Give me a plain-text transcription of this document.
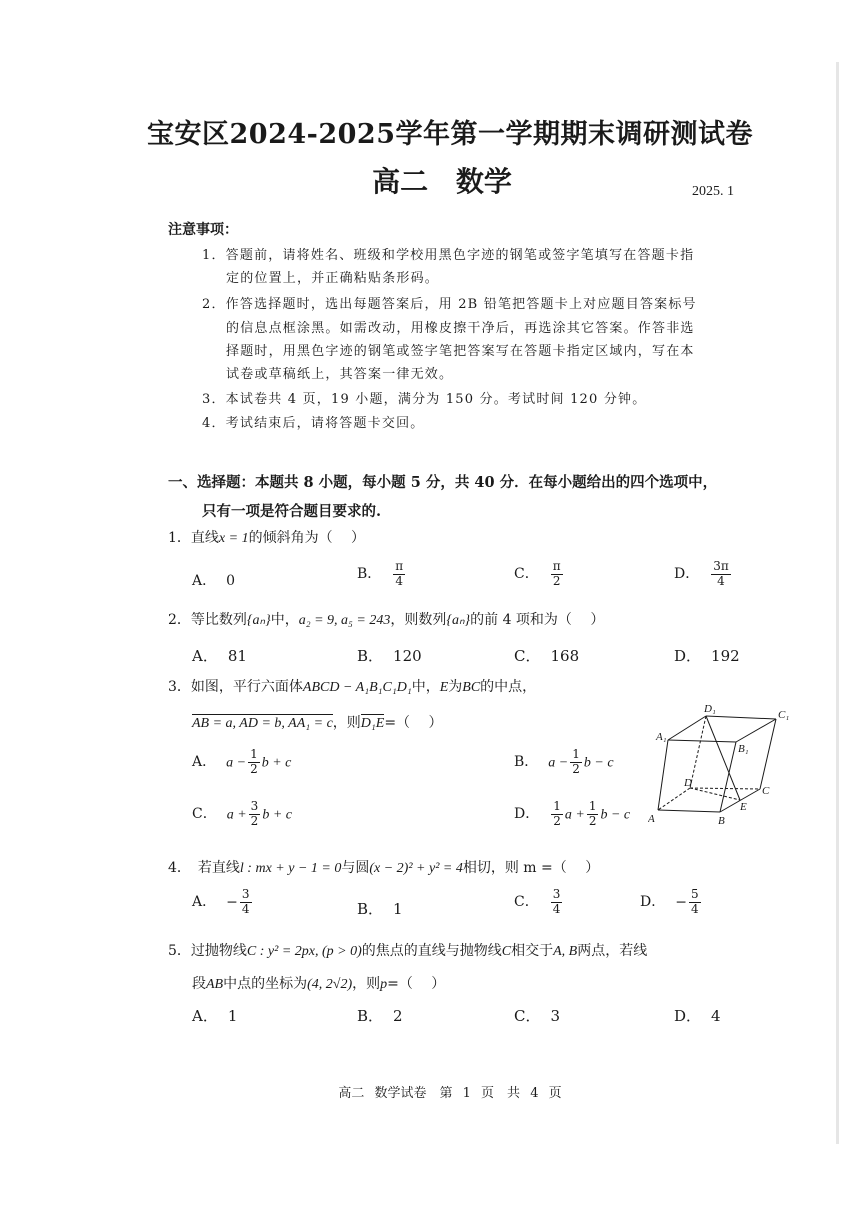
宝安区2024-2025学年第一学期期末调研测试卷
高二 数学	2025. 1
注意事项：
1．答题前，请将姓名、班级和学校用黑色字迹的钢笔或签字笔填写在答题卡指
定的位置上，并正确粘贴条形码。
2．作答选择题时，选出每题答案后，用 2B 铅笔把答题卡上对应题目答案标号
的信息点框涂黑。如需改动，用橡皮擦干净后，再选涂其它答案。作答非选
择题时，用黑色字迹的钢笔或签字笔把答案写在答题卡指定区域内，写在本
试卷或草稿纸上，其答案一律无效。
3．本试卷共 4 页，19 小题，满分为 150 分。考试时间 120 分钟。
4．考试结束后，请将答题卡交回。
一、选择题：本题共 8 小题，每小题 5 分，共 40 分．在每小题给出的四个选项中，
只有一项是符合题目要求的.
1．直线x = 1的倾斜角为（　 ）
A． 0	B． $\frac{\pi}{4}$	C． $\frac{\pi}{2}$	D． $\frac{3\pi}{4}$
2．等比数列{aₙ}中，a₂ = 9, a₅ = 243，则数列{aₙ}的前 4 项和为（　 ）
A． 81	B． 120	C． 168	D． 192
3．如图，平行六面体ABCD − A₁B₁C₁D₁中，E为BC的中点，
AB = a, AD = b, AA₁ = c，则D₁E=（　 ）
A． $a - \frac{1}{2}$ b + c	B． $a - \frac{1}{2}$ b − c
C． $a + \frac{3}{2}$ b + c	D． $\frac{1}{2}$ $a + \frac{1}{2}$ b − c
D₁	C₁
A₁
B₁
D
C
A	B
E
4．　若直线l : mx + y − 1 = 0与圆(x − 2)² + y² = 4相切，则 m =（　 ）
A． − $\frac{3}{4}$	B． 1	C． $\frac{3}{4}$	D． − $\frac{5}{4}$
5．过抛物线C : y² = 2px, (p > 0)的焦点的直线与抛物线C相交于A, B两点，若线
段AB中点的坐标为(4, 2√2)，则p=（　 ）
A． 1	B． 2	C． 3	D． 4
高二 数学试卷　第 1 页　共 4 页
